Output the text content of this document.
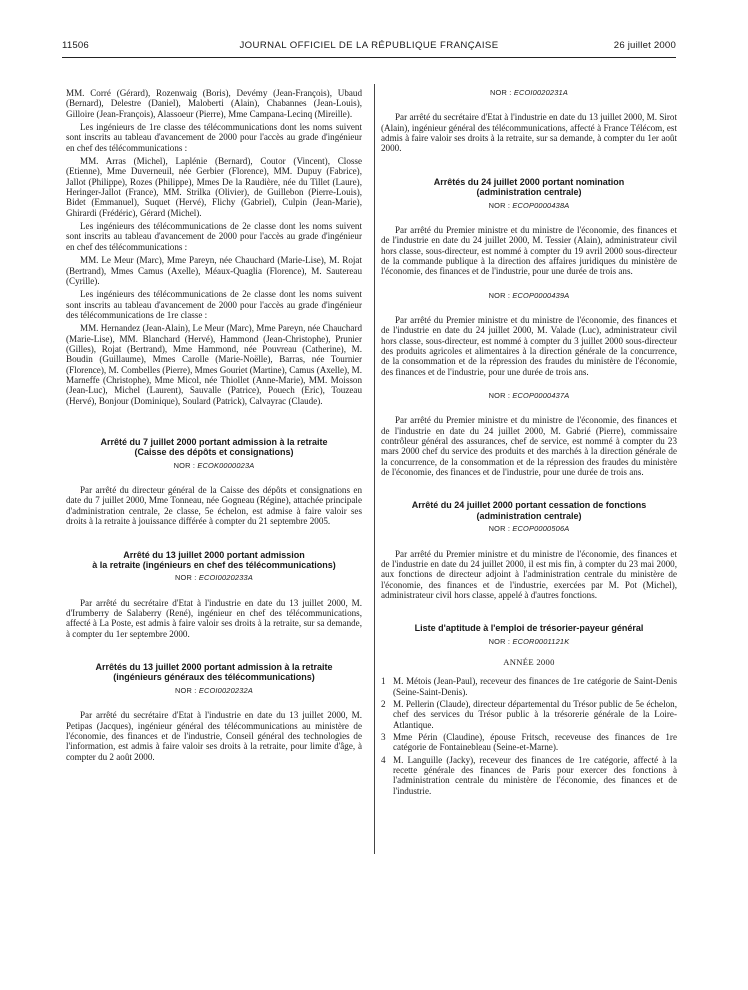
11506	JOURNAL OFFICIEL DE LA RÉPUBLIQUE FRANÇAISE	26 juillet 2000

MM. Corré (Gérard), Rozenwaig (Boris), Devémy (Jean-François), Ubaud (Bernard), Delestre (Daniel), Maloberti (Alain), Chabannes (Jean-Louis), Gilloire (Jean-François), Alassoeur (Pierre), Mme Campana-Lecinq (Mireille).

Les ingénieurs de 1re classe des télécommunications dont les noms suivent sont inscrits au tableau d'avancement de 2000 pour l'accès au grade d'ingénieur en chef des télécommunications :

MM. Arras (Michel), Laplénie (Bernard), Coutor (Vincent), Closse (Etienne), Mme Duverneuil, née Gerbier (Florence), MM. Dupuy (Fabrice), Jallot (Philippe), Rozes (Philippe), Mmes De la Raudière, née du Tillet (Laure), Heringer-Jallot (France), MM. Strilka (Olivier), de Guillebon (Pierre-Louis), Bidet (Emmanuel), Suquet (Hervé), Flichy (Gabriel), Culpin (Jean-Marie), Ghirardi (Frédéric), Gérard (Michel).

Les ingénieurs des télécommunications de 2e classe dont les noms suivent sont inscrits au tableau d'avancement de 2000 pour l'accès au grade d'ingénieur en chef des télécommunications :

MM. Le Meur (Marc), Mme Pareyn, née Chauchard (Marie-Lise), M. Rojat (Bertrand), Mmes Camus (Axelle), Méaux-Quaglia (Florence), M. Sautereau (Cyrille).

Les ingénieurs des télécommunications de 2e classe dont les noms suivent sont inscrits au tableau d'avancement de 2000 pour l'accès au grade d'ingénieur des télécommunications de 1re classe :

MM. Hernandez (Jean-Alain), Le Meur (Marc), Mme Pareyn, née Chauchard (Marie-Lise), MM. Blanchard (Hervé), Hammond (Jean-Christophe), Prunier (Gilles), Rojat (Bertrand), Mme Hammond, née Pouvreau (Catherine), M. Boudin (Guillaume), Mmes Carolle (Marie-Noëlle), Barras, née Tournier (Florence), M. Combelles (Pierre), Mmes Gouriet (Martine), Camus (Axelle), M. Marneffe (Christophe), Mme Micol, née Thiollet (Anne-Marie), MM. Moisson (Jean-Luc), Michel (Laurent), Sauvalle (Patrice), Pouech (Eric), Touzeau (Hervé), Bonjour (Dominique), Soulard (Patrick), Calvayrac (Claude).

Arrêté du 7 juillet 2000 portant admission à la retraite
(Caisse des dépôts et consignations)
NOR : ECOK0000023A

Par arrêté du directeur général de la Caisse des dépôts et consignations en date du 7 juillet 2000, Mme Tonneau, née Gogneau (Régine), attachée principale d'administration centrale, 2e classe, 5e échelon, est admise à faire valoir ses droits à la retraite à jouissance différée à compter du 21 septembre 2005.

Arrêté du 13 juillet 2000 portant admission
à la retraite (ingénieurs en chef des télécommunications)
NOR : ECOI0020233A

Par arrêté du secrétaire d'Etat à l'industrie en date du 13 juillet 2000, M. d'Irumberry de Salaberry (René), ingénieur en chef des télécommunications, affecté à La Poste, est admis à faire valoir ses droits à la retraite, sur sa demande, à compter du 1er septembre 2000.

Arrêtés du 13 juillet 2000 portant admission à la retraite
(ingénieurs généraux des télécommunications)
NOR : ECOI0020232A

Par arrêté du secrétaire d'Etat à l'industrie en date du 13 juillet 2000, M. Petipas (Jacques), ingénieur général des télécommunications au ministère de l'économie, des finances et de l'industrie, Conseil général des technologies de l'information, est admis à faire valoir ses droits à la retraite, pour limite d'âge, à compter du 2 août 2000.

NOR : ECOI0020231A

Par arrêté du secrétaire d'Etat à l'industrie en date du 13 juillet 2000, M. Sirot (Alain), ingénieur général des télécommunications, affecté à France Télécom, est admis à faire valoir ses droits à la retraite, sur sa demande, à compter du 1er août 2000.

Arrêtés du 24 juillet 2000 portant nomination
(administration centrale)
NOR : ECOP0000438A

Par arrêté du Premier ministre et du ministre de l'économie, des finances et de l'industrie en date du 24 juillet 2000, M. Tessier (Alain), administrateur civil hors classe, sous-directeur, est nommé à compter du 19 avril 2000 sous-directeur de la commande publique à la direction des affaires juridiques du ministère de l'économie, des finances et de l'industrie, pour une durée de trois ans.

NOR : ECOP0000439A

Par arrêté du Premier ministre et du ministre de l'économie, des finances et de l'industrie en date du 24 juillet 2000, M. Valade (Luc), administrateur civil hors classe, sous-directeur, est nommé à compter du 3 juillet 2000 sous-directeur des produits agricoles et alimentaires à la direction générale de la concurrence, de la consommation et de la répression des fraudes du ministère de l'économie, des finances et de l'industrie, pour une durée de trois ans.

NOR : ECOP0000437A

Par arrêté du Premier ministre et du ministre de l'économie, des finances et de l'industrie en date du 24 juillet 2000, M. Gabrié (Pierre), commissaire contrôleur général des assurances, chef de service, est nommé à compter du 23 mars 2000 chef du service des produits et des marchés à la direction générale de la concurrence, de la consommation et de la répression des fraudes du ministère de l'économie, des finances et de l'industrie, pour une durée de trois ans.

Arrêté du 24 juillet 2000 portant cessation de fonctions
(administration centrale)
NOR : ECOP0000506A

Par arrêté du Premier ministre et du ministre de l'économie, des finances et de l'industrie en date du 24 juillet 2000, il est mis fin, à compter du 23 mai 2000, aux fonctions de directeur adjoint à l'administration centrale du ministère de l'économie, des finances et de l'industrie, exercées par M. Pot (Michel), administrateur civil hors classe, appelé à d'autres fonctions.

Liste d'aptitude à l'emploi de trésorier-payeur général
NOR : ECOR0001121K
ANNÉE 2000
1 M. Métois (Jean-Paul), receveur des finances de 1re catégorie de Saint-Denis (Seine-Saint-Denis).
2 M. Pellerin (Claude), directeur départemental du Trésor public de 5e échelon, chef des services du Trésor public à la trésorerie générale de la Loire-Atlantique.
3 Mme Périn (Claudine), épouse Fritsch, receveuse des finances de 1re catégorie de Fontainebleau (Seine-et-Marne).
4 M. Languille (Jacky), receveur des finances de 1re catégorie, affecté à la recette générale des finances de Paris pour exercer des fonctions à l'administration centrale du ministère de l'économie, des finances et de l'industrie.
